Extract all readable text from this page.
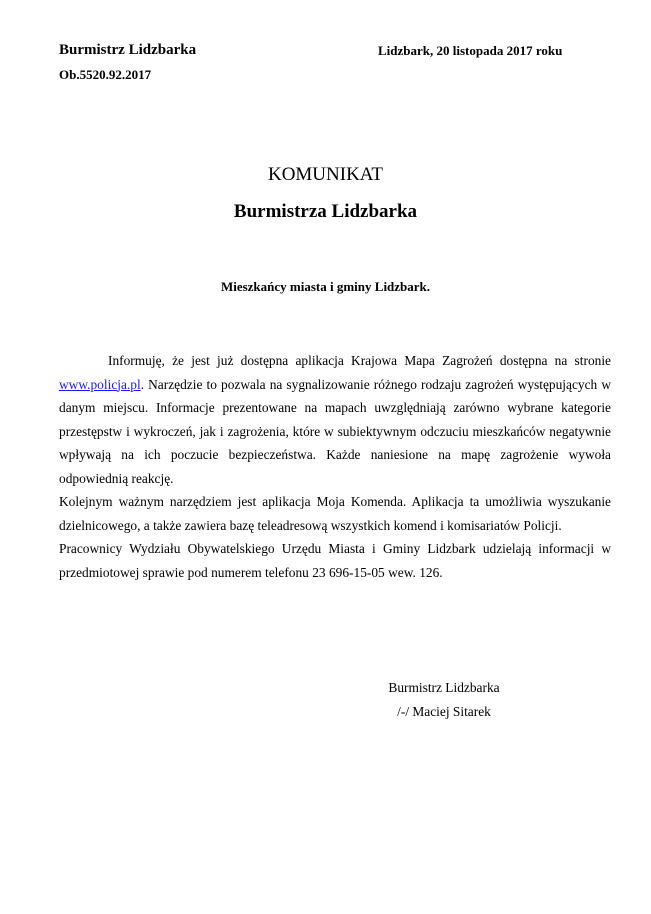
Burmistrz Lidzbarka
Ob.5520.92.2017
Lidzbark, 20 listopada 2017 roku
KOMUNIKAT
Burmistrza Lidzbarka
Mieszkańcy miasta i gminy Lidzbark.

Informuję, że jest już dostępna aplikacja Krajowa Mapa Zagrożeń dostępna na stronie www.policja.pl. Narzędzie to pozwala na sygnalizowanie różnego rodzaju zagrożeń występujących w danym miejscu. Informacje prezentowane na mapach uwzględniają zarówno wybrane kategorie przestępstw i wykroczeń, jak i zagrożenia, które w subiektywnym odczuciu mieszkańców negatywnie wpływają na ich poczucie bezpieczeństwa. Każde naniesione na mapę zagrożenie wywoła odpowiednią reakcję.

Kolejnym ważnym narzędziem jest aplikacja Moja Komenda. Aplikacja ta umożliwia wyszukanie dzielnicowego, a także zawiera bazę teleadresową wszystkich komend i komisariatów Policji.

Pracownicy Wydziału Obywatelskiego Urzędu Miasta i Gminy Lidzbark udzielają informacji w przedmiotowej sprawie pod numerem telefonu 23 696-15-05 wew. 126.

Burmistrz Lidzbarka
/-/ Maciej Sitarek
